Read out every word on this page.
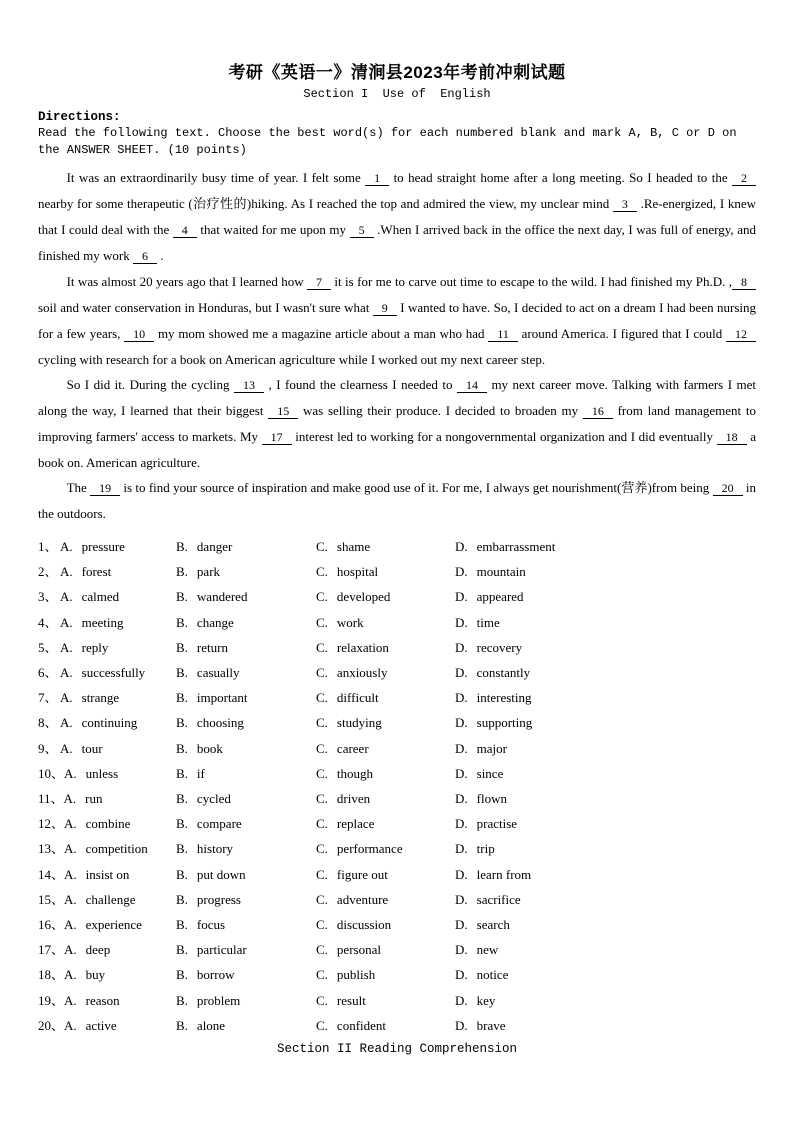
考研《英语一》清涧县2023年考前冲刺试题
Section I  Use of  English
Directions:
Read the following text. Choose the best word(s) for each numbered blank and mark A, B, C or D on the ANSWER SHEET. (10 points)

It was an extraordinarily busy time of year. I felt some 1 to head straight home after a long meeting. So I headed to the 2 nearby for some therapeutic (治疗性的)hiking. As I reached the top and admired the view, my unclear mind 3 .Re-energized, I knew that I could deal with the 4 that waited for me upon my 5 .When I arrived back in the office the next day, I was full of energy, and finished my work 6 .

It was almost 20 years ago that I learned how 7 it is for me to carve out time to escape to the wild. I had finished my Ph.D. , 8 soil and water conservation in Honduras, but I wasn't sure what 9 I wanted to have. So, I decided to act on a dream I had been nursing for a few years, 10 my mom showed me a magazine article about a man who had 11 around America. I figured that I could 12 cycling with research for a book on American agriculture while I worked out my next career step.

So I did it. During the cycling 13 , I found the clearness I needed to 14 my next career move. Talking with farmers I met along the way, I learned that their biggest 15 was selling their produce. I decided to broaden my 16 from land management to improving farmers' access to markets. My 17 interest led to working for a nongovernmental organization and I did eventually 18 a book on. American agriculture.

The 19 is to find your source of inspiration and make good use of it. For me, I always get nourishment(营养)from being 20 in the outdoors.

1、 A. pressure	B. danger	C. shame	D. embarrassment
2、 A. forest	B. park	C. hospital	D. mountain
3、 A. calmed	B. wandered	C. developed	D. appeared
4、 A. meeting	B. change	C. work	D. time
5、 A. reply	B. return	C. relaxation	D. recovery
6、 A. successfully	B. casually	C. anxiously	D. constantly
7、 A. strange	B. important	C. difficult	D. interesting
8、 A. continuing	B. choosing	C. studying	D. supporting
9、 A. tour	B. book	C. career	D. major
10、A. unless	B. if	C. though	D. since
11、A. run	B. cycled	C. driven	D. flown
12、A. combine	B. compare	C. replace	D. practise
13、A. competition	B. history	C. performance	D. trip
14、A. insist on	B. put down	C. figure out	D. learn from
15、A. challenge	B. progress	C. adventure	D. sacrifice
16、A. experience	B. focus	C. discussion	D. search
17、A. deep	B. particular	C. personal	D. new
18、A. buy	B. borrow	C. publish	D. notice
19、A. reason	B. problem	C. result	D. key
20、A. active	B. alone	C. confident	D. brave
Section II Reading Comprehension
